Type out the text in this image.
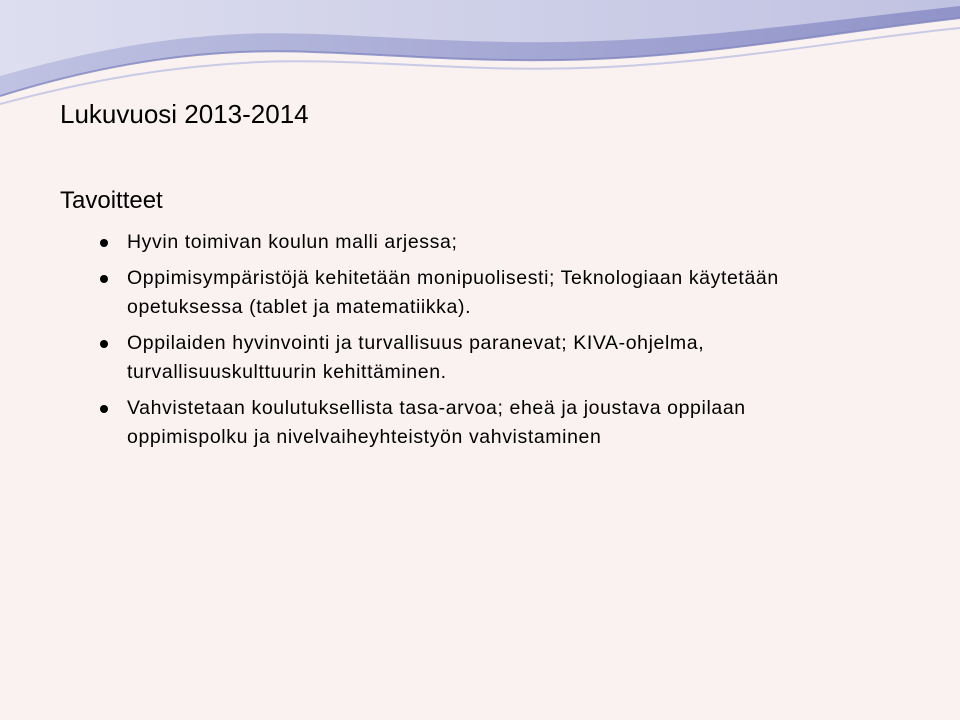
Lukuvuosi 2013-2014
Tavoitteet
Hyvin toimivan koulun malli arjessa;
Oppimisympäristöjä kehitetään monipuolisesti; Teknologiaan käytetään
opetuksessa (tablet ja matematiikka).
Oppilaiden hyvinvointi ja turvallisuus paranevat; KIVA-ohjelma,
turvallisuuskulttuurin kehittäminen.
Vahvistetaan koulutuksellista tasa-arvoa; eheä ja joustava oppilaan
oppimispolku ja nivelvaiheyhteistyön vahvistaminen
